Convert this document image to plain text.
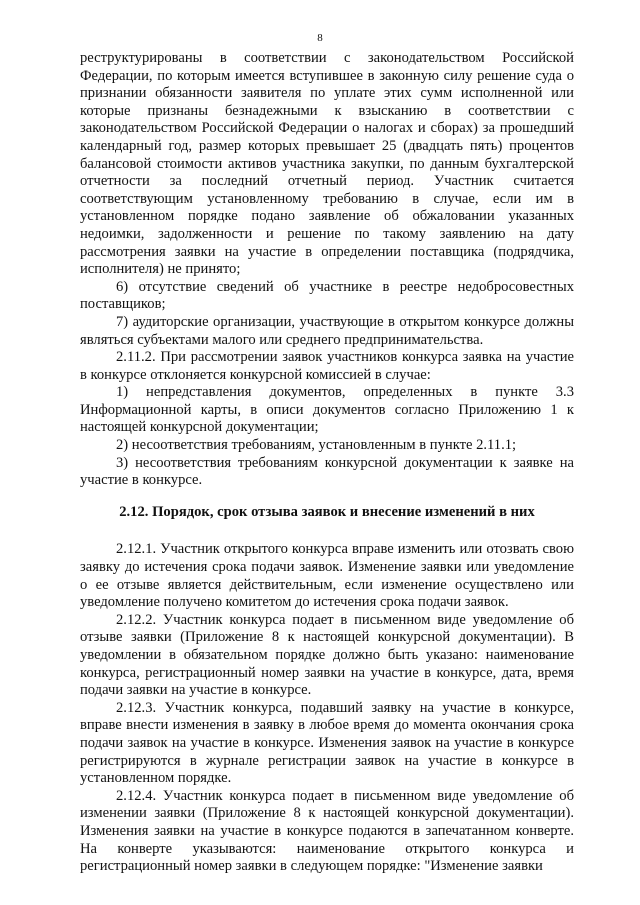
8

реструктурированы в соответствии с законодательством Российской Федерации, по которым имеется вступившее в законную силу решение суда о признании обязанности заявителя по уплате этих сумм исполненной или которые признаны безнадежными к взысканию в соответствии с законодательством Российской Федерации о налогах и сборах) за прошедший календарный год, размер которых превышает 25 (двадцать пять) процентов балансовой стоимости активов участника закупки, по данным бухгалтерской отчетности за последний отчетный период. Участник считается соответствующим установленному требованию в случае, если им в установленном порядке подано заявление об обжаловании указанных недоимки, задолженности и решение по такому заявлению на дату рассмотрения заявки на участие в определении поставщика (подрядчика, исполнителя) не принято;

6) отсутствие сведений об участнике в реестре недобросовестных поставщиков;

7) аудиторские организации, участвующие в открытом конкурсе должны являться субъектами малого или среднего предпринимательства.

2.11.2. При рассмотрении заявок участников конкурса заявка на участие в конкурсе отклоняется конкурсной комиссией в случае:

1) непредставления документов, определенных в пункте 3.3 Информационной карты, в описи документов согласно Приложению 1 к настоящей конкурсной документации;

2) несоответствия требованиям, установленным в пункте 2.11.1;

3) несоответствия требованиям конкурсной документации к заявке на участие в конкурсе.

2.12. Порядок, срок отзыва заявок и внесение изменений в них

2.12.1. Участник открытого конкурса вправе изменить или отозвать свою заявку до истечения срока подачи заявок. Изменение заявки или уведомление о ее отзыве является действительным, если изменение осуществлено или уведомление получено комитетом до истечения срока подачи заявок.

2.12.2. Участник конкурса подает в письменном виде уведомление об отзыве заявки (Приложение 8 к настоящей конкурсной документации). В уведомлении в обязательном порядке должно быть указано: наименование конкурса, регистрационный номер заявки на участие в конкурсе, дата, время подачи заявки на участие в конкурсе.

2.12.3. Участник конкурса, подавший заявку на участие в конкурсе, вправе внести изменения в заявку в любое время до момента окончания срока подачи заявок на участие в конкурсе. Изменения заявок на участие в конкурсе регистрируются в журнале регистрации заявок на участие в конкурсе в установленном порядке.

2.12.4. Участник конкурса подает в письменном виде уведомление об изменении заявки (Приложение 8 к настоящей конкурсной документации). Изменения заявки на участие в конкурсе подаются в запечатанном конверте. На конверте указываются: наименование открытого конкурса и регистрационный номер заявки в следующем порядке: "Изменение заявки
